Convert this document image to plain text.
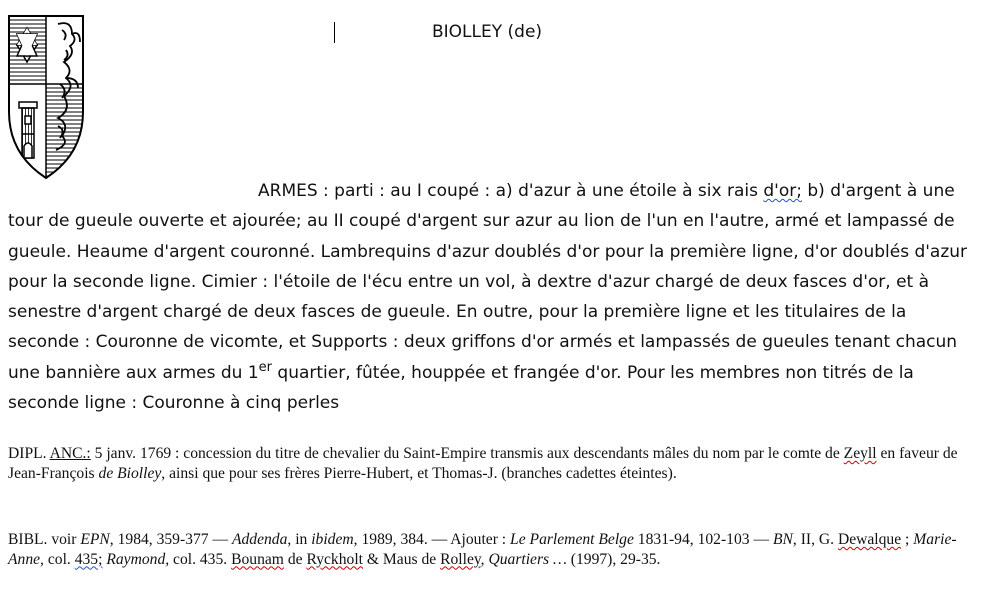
BIOLLEY (de)

ARMES : parti : au I coupé : a) d'azur à une étoile à six rais d'or; b) d'argent à une tour de gueule ouverte et ajourée; au II coupé d'argent sur azur au lion de l'un en l'autre, armé et lampassé de gueule. Heaume d'argent couronné. Lambrequins d'azur doublés d'or pour la première ligne, d'or doublés d'azur pour la seconde ligne. Cimier : l'étoile de l'écu entre un vol, à dextre d'azur chargé de deux fasces d'or, et à senestre d'argent chargé de deux fasces de gueule. En outre, pour la première ligne et les titulaires de la seconde : Couronne de vicomte, et Supports : deux griffons d'or armés et lampassés de gueules tenant chacun une bannière aux armes du 1er quartier, fûtée, houppée et frangée d'or. Pour les membres non titrés de la seconde ligne : Couronne à cinq perles

DIPL. ANC.: 5 janv. 1769 : concession du titre de chevalier du Saint-Empire transmis aux descendants mâles du nom par le comte de Zeyll en faveur de Jean-François de Biolley, ainsi que pour ses frères Pierre-Hubert, et Thomas-J. (branches cadettes éteintes).

BIBL. voir EPN, 1984, 359-377 — Addenda, in ibidem, 1989, 384. — Ajouter : Le Parlement Belge 1831-94, 102-103 — BN, II, G. Dewalque ; Marie-Anne, col. 435; Raymond, col. 435. Bounam de Ryckholt & Maus de Rolley, Quartiers … (1997), 29-35.
